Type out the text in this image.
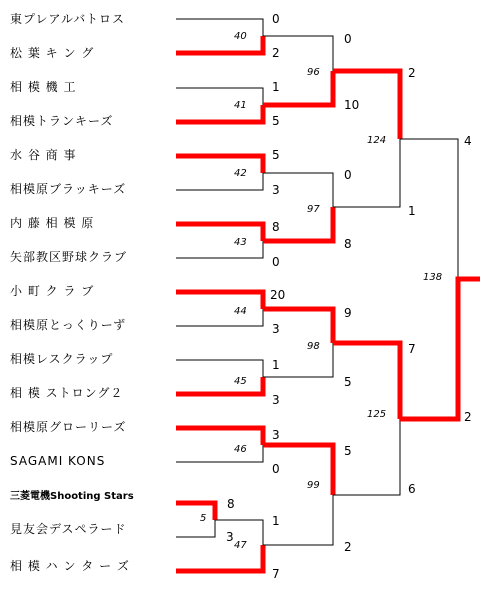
東プレアルバトロス
松 葉 キ ン グ
相 模 機 工
相模トランキーズ
水 谷 商 事
相模原ブラッキーズ
内 藤 相 模 原
矢部教区野球クラブ
小 町 ク ラ ブ
相模原とっくりーず
相模レスクラップ
相 模 ストロング２
相模原グローリーズ
SAGAMI KONS
三菱電機Shooting Stars
見友会デスペラード
相 模 ハ ン タ ー ズ
0
2
40
1
5
41
5
3
42
8
0
43
20
3
44
1
3
45
3
0
46
8
3
5	1
7
47
0
10
96
0
8
97
9
5
98
5
2
99
2
1
124
7
6
125
4
2
138
